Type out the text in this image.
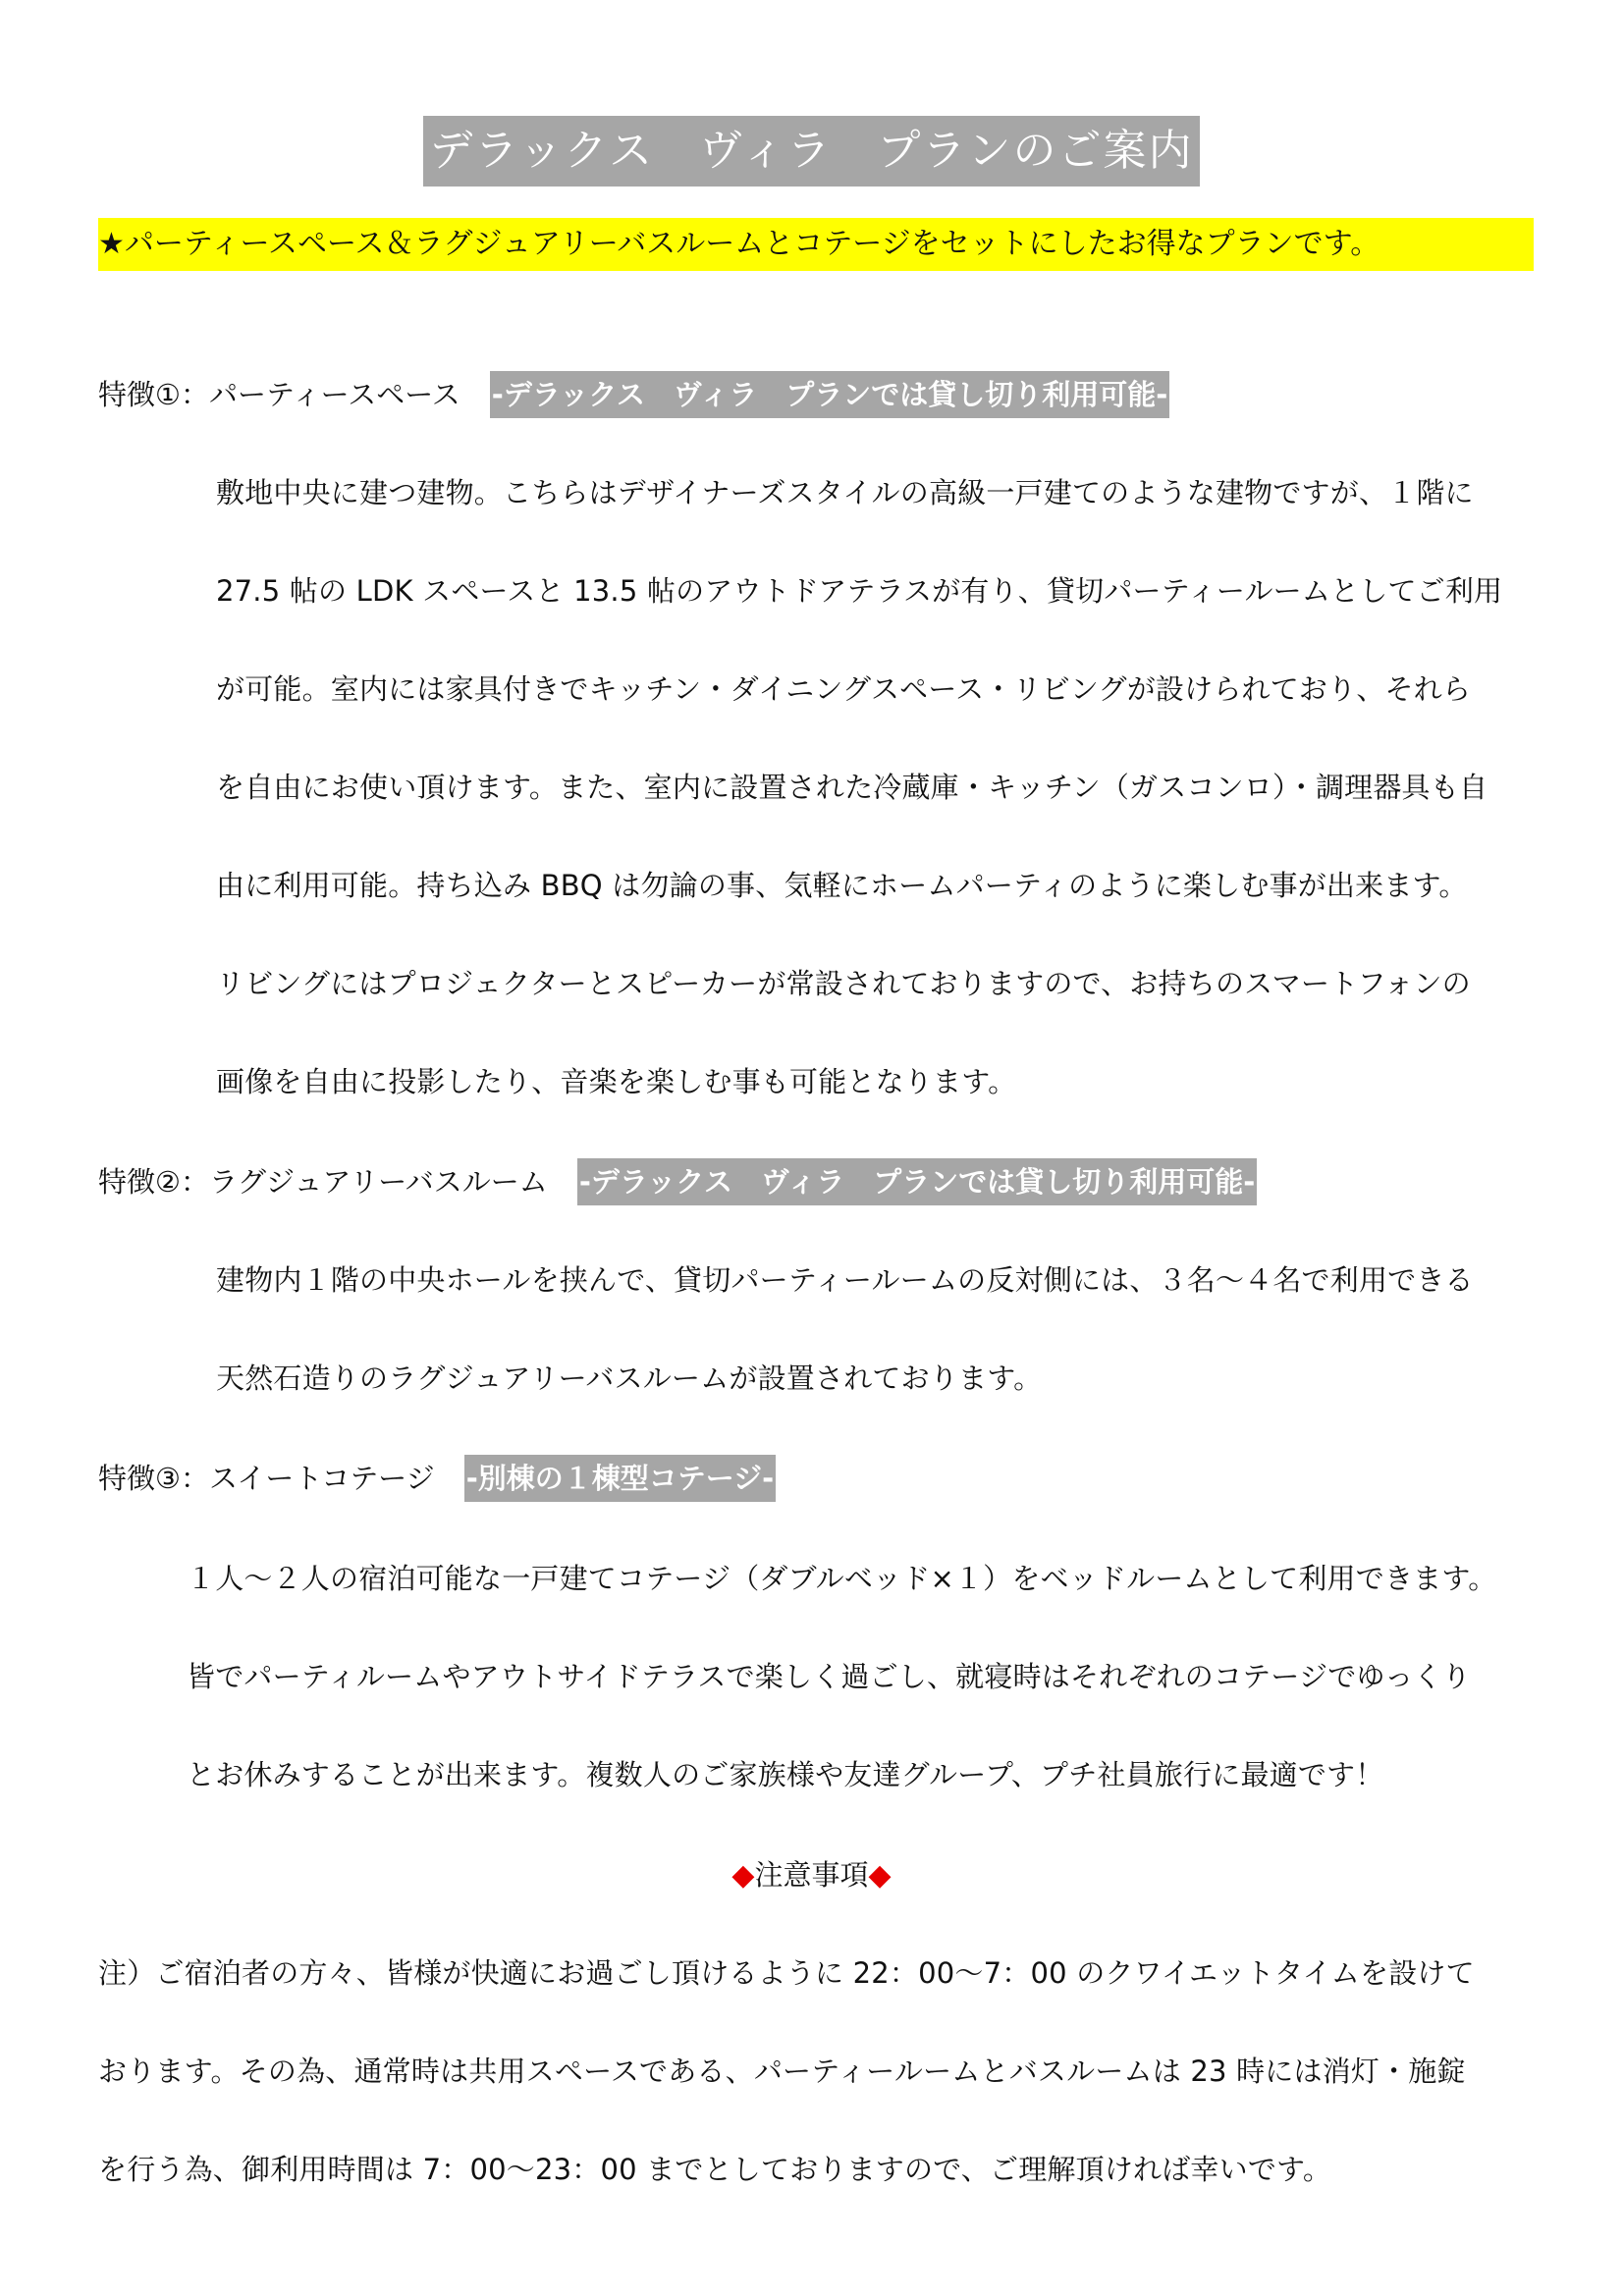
デラックス　ヴィラ　プランのご案内
★パーティースペース＆ラグジュアリーバスルームとコテージをセットにしたお得なプランです。
特徴①：パーティースペース -デラックス　ヴィラ　プランでは貸し切り利用可能-
敷地中央に建つ建物。こちらはデザイナーズスタイルの高級一戸建てのような建物ですが、１階に
27.5 帖の LDK スペースと 13.5 帖のアウトドアテラスが有り、貸切パーティールームとしてご利用
が可能。室内には家具付きでキッチン・ダイニングスペース・リビングが設けられており、それら
を自由にお使い頂けます。また、室内に設置された冷蔵庫・キッチン（ガスコンロ）・調理器具も自
由に利用可能。持ち込み BBQ は勿論の事、気軽にホームパーティのように楽しむ事が出来ます。
リビングにはプロジェクターとスピーカーが常設されておりますので、お持ちのスマートフォンの
画像を自由に投影したり、音楽を楽しむ事も可能となります。
特徴②：ラグジュアリーバスルーム -デラックス　ヴィラ　プランでは貸し切り利用可能-
建物内１階の中央ホールを挟んで、貸切パーティールームの反対側には、３名～４名で利用できる
天然石造りのラグジュアリーバスルームが設置されております。
特徴③：スイートコテージ -別棟の１棟型コテージ-
１人～２人の宿泊可能な一戸建てコテージ（ダブルベッド×１）をベッドルームとして利用できます。
皆でパーティルームやアウトサイドテラスで楽しく過ごし、就寝時はそれぞれのコテージでゆっくり
とお休みすることが出来ます。複数人のご家族様や友達グループ、プチ社員旅行に最適です！
◆注意事項◆
注）ご宿泊者の方々、皆様が快適にお過ごし頂けるように 22：00～7：00 のクワイエットタイムを設けて
おります。その為、通常時は共用スペースである、パーティールームとバスルームは 23 時には消灯・施錠
を行う為、御利用時間は 7：00～23：00 までとしておりますので、ご理解頂ければ幸いです。
